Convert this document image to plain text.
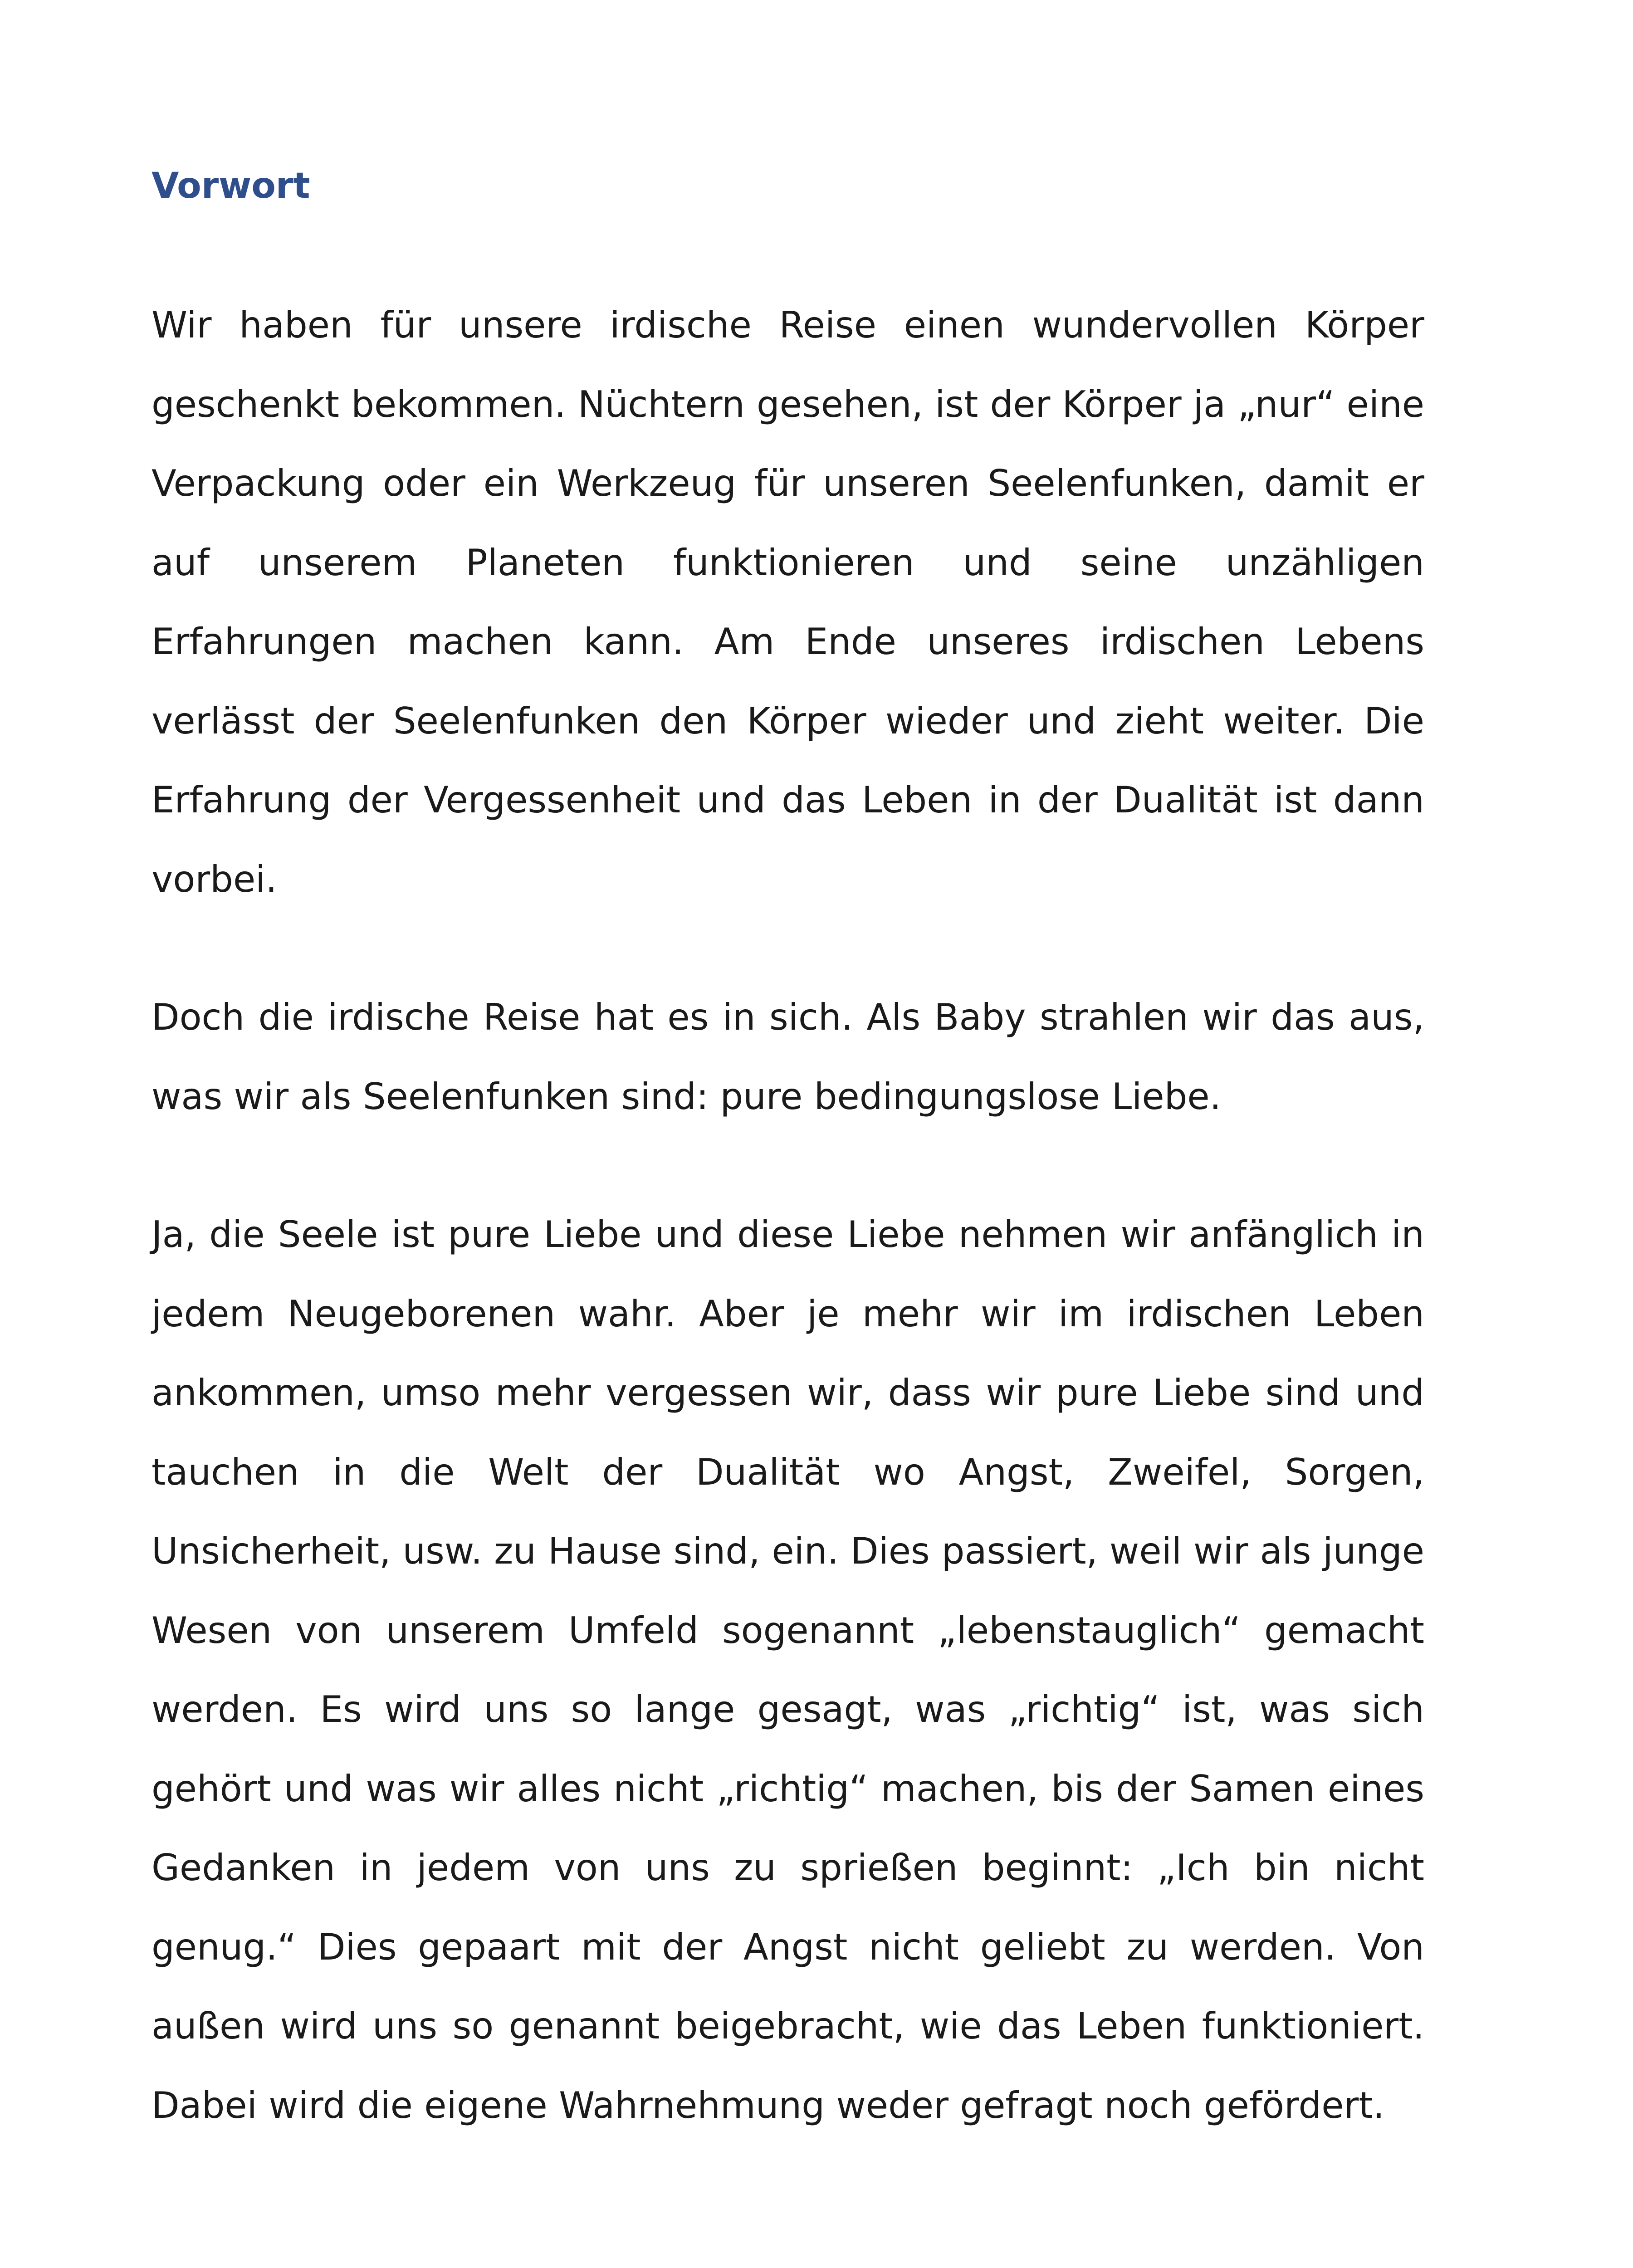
Vorwort

Wir haben für unsere irdische Reise einen wundervollen Körper geschenkt bekommen. Nüchtern gesehen, ist der Körper ja „nur“ eine Verpackung oder ein Werkzeug für unseren Seelenfunken, damit er auf unserem Planeten funktionieren und seine unzähligen Erfahrungen machen kann. Am Ende unseres irdischen Lebens verlässt der Seelenfunken den Körper wieder und zieht weiter. Die Erfahrung der Vergessenheit und das Leben in der Dualität ist dann vorbei.

Doch die irdische Reise hat es in sich. Als Baby strahlen wir das aus, was wir als Seelenfunken sind: pure bedingungslose Liebe.

Ja, die Seele ist pure Liebe und diese Liebe nehmen wir anfänglich in jedem Neugeborenen wahr. Aber je mehr wir im irdischen Leben ankommen, umso mehr vergessen wir, dass wir pure Liebe sind und tauchen in die Welt der Dualität wo Angst, Zweifel, Sorgen, Unsicherheit, usw. zu Hause sind, ein. Dies passiert, weil wir als junge Wesen von unserem Umfeld sogenannt „lebenstauglich“ gemacht werden. Es wird uns so lange gesagt, was „richtig“ ist, was sich gehört und was wir alles nicht „richtig“ machen, bis der Samen eines Gedanken in jedem von uns zu sprießen beginnt: „Ich bin nicht genug.“ Dies gepaart mit der Angst nicht geliebt zu werden. Von außen wird uns so genannt beigebracht, wie das Leben funktioniert. Dabei wird die eigene Wahrnehmung weder gefragt noch gefördert.
